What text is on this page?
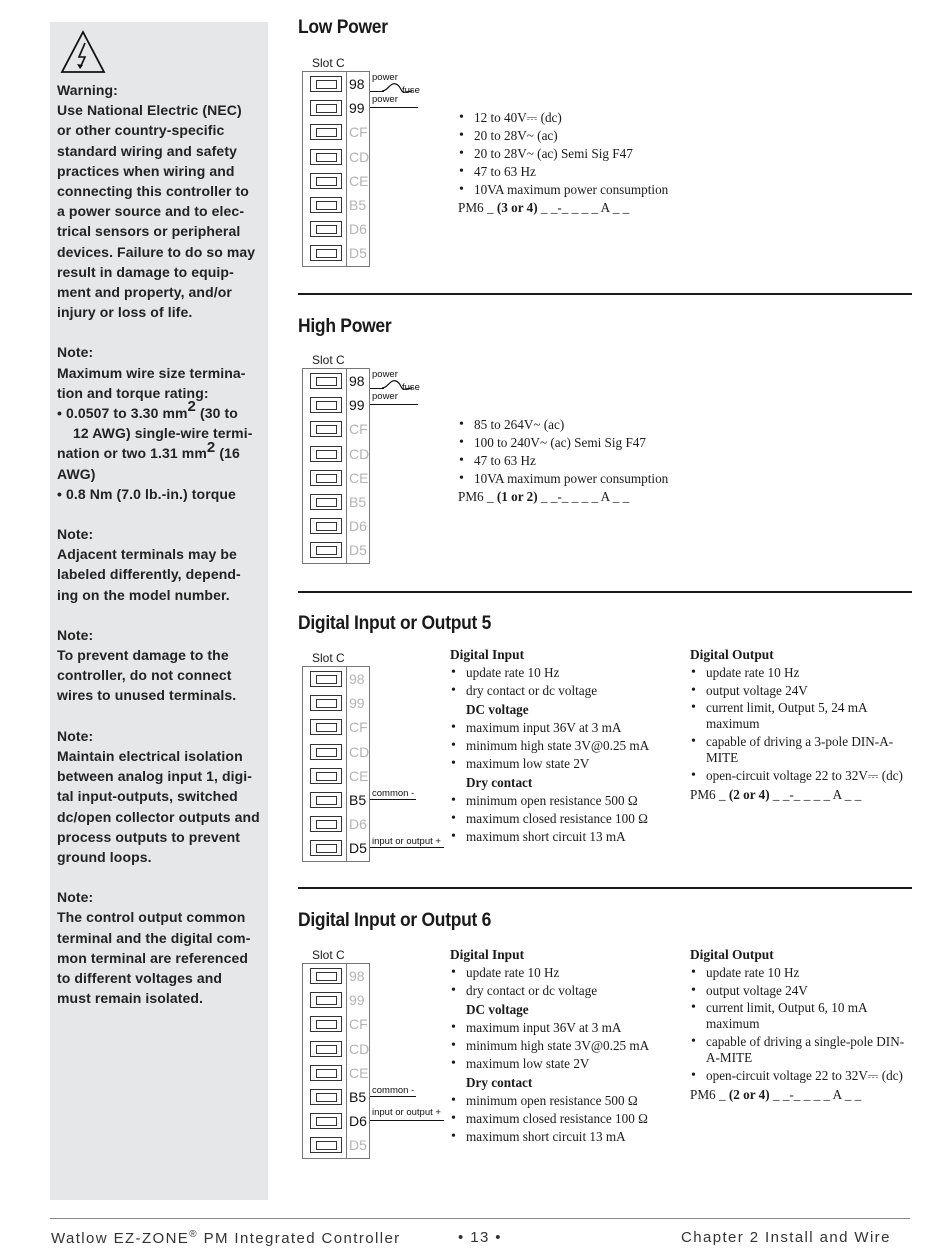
Warning:
Use National Electric (NEC)
or other country-specific
standard wiring and safety
practices when wiring and
connecting this controller to
a power source and to elec-
trical sensors or peripheral
devices. Failure to do so may
result in damage to equip-
ment and property, and/or
injury or loss of life.
Note:
Maximum wire size termina-
tion and torque rating:
• 0.0507 to 3.30 $mm^2$ (30 to
12 AWG) single-wire termi-
nation or two 1.31 $mm^2$ (16
AWG)
• 0.8 Nm (7.0 lb.-in.) torque
Note:
Adjacent terminals may be
labeled differently, depend-
ing on the model number.
Note:
To prevent damage to the
controller, do not connect
wires to unused terminals.
Note:
Maintain electrical isolation
between analog input 1, digi-
tal input-outputs, switched
dc/open collector outputs and
process outputs to prevent
ground loops.
Note:
The control output common
terminal and the digital com-
mon terminal are referenced
to different voltages and
must remain isolated.
Low Power
Slot C
98
99
CF
CD
CE
B5
D6
D5
power
fuse
power
• 12 to 40V⎓ (dc)
• 20 to 28V~ (ac)
• 20 to 28V~ (ac) Semi Sig F47
• 47 to 63 Hz
• 10VA maximum power consumption
PM6 _ (3 or 4) _ _-_ _ _ _ A _ _
High Power
Slot C
98
99
CF
CD
CE
B5
D6
D5
power
fuse
power
• 85 to 264V~ (ac)
• 100 to 240V~ (ac) Semi Sig F47
• 47 to 63 Hz
• 10VA maximum power consumption
PM6 _ (1 or 2) _ _-_ _ _ _ A _ _
Digital Input or Output 5
Slot C
98
99
CF
CD
CE
B5
D6
D5
common -
input or output +
Digital Input
• update rate 10 Hz
• dry contact or dc voltage
DC voltage
• maximum input 36V at 3 mA
• minimum high state 3V@0.25 mA
• maximum low state 2V
Dry contact
• minimum open resistance 500 Ω
• maximum closed resistance 100 Ω
• maximum short circuit 13 mA
Digital Output
• update rate 10 Hz
• output voltage 24V
• current limit, Output 5, 24 mA maximum
• capable of driving a 3-pole DIN-A-MITE
• open-circuit voltage 22 to 32V⎓ (dc)
PM6 _ (2 or 4) _ _-_ _ _ _ A _ _
Digital Input or Output 6
Slot C
98
99
CF
CD
CE
B5
D6
D5
common -
input or output +
Digital Input
• update rate 10 Hz
• dry contact or dc voltage
DC voltage
• maximum input 36V at 3 mA
• minimum high state 3V@0.25 mA
• maximum low state 2V
Dry contact
• minimum open resistance 500 Ω
• maximum closed resistance 100 Ω
• maximum short circuit 13 mA
Digital Output
• update rate 10 Hz
• output voltage 24V
• current limit, Output 6, 10 mA maximum
• capable of driving a single-pole DIN-A-MITE
• open-circuit voltage 22 to 32V⎓ (dc)
PM6 _ (2 or 4) _ _-_ _ _ _ A _ _
Watlow EZ-ZONE® PM Integrated Controller	• 13 •	Chapter 2 Install and Wire
